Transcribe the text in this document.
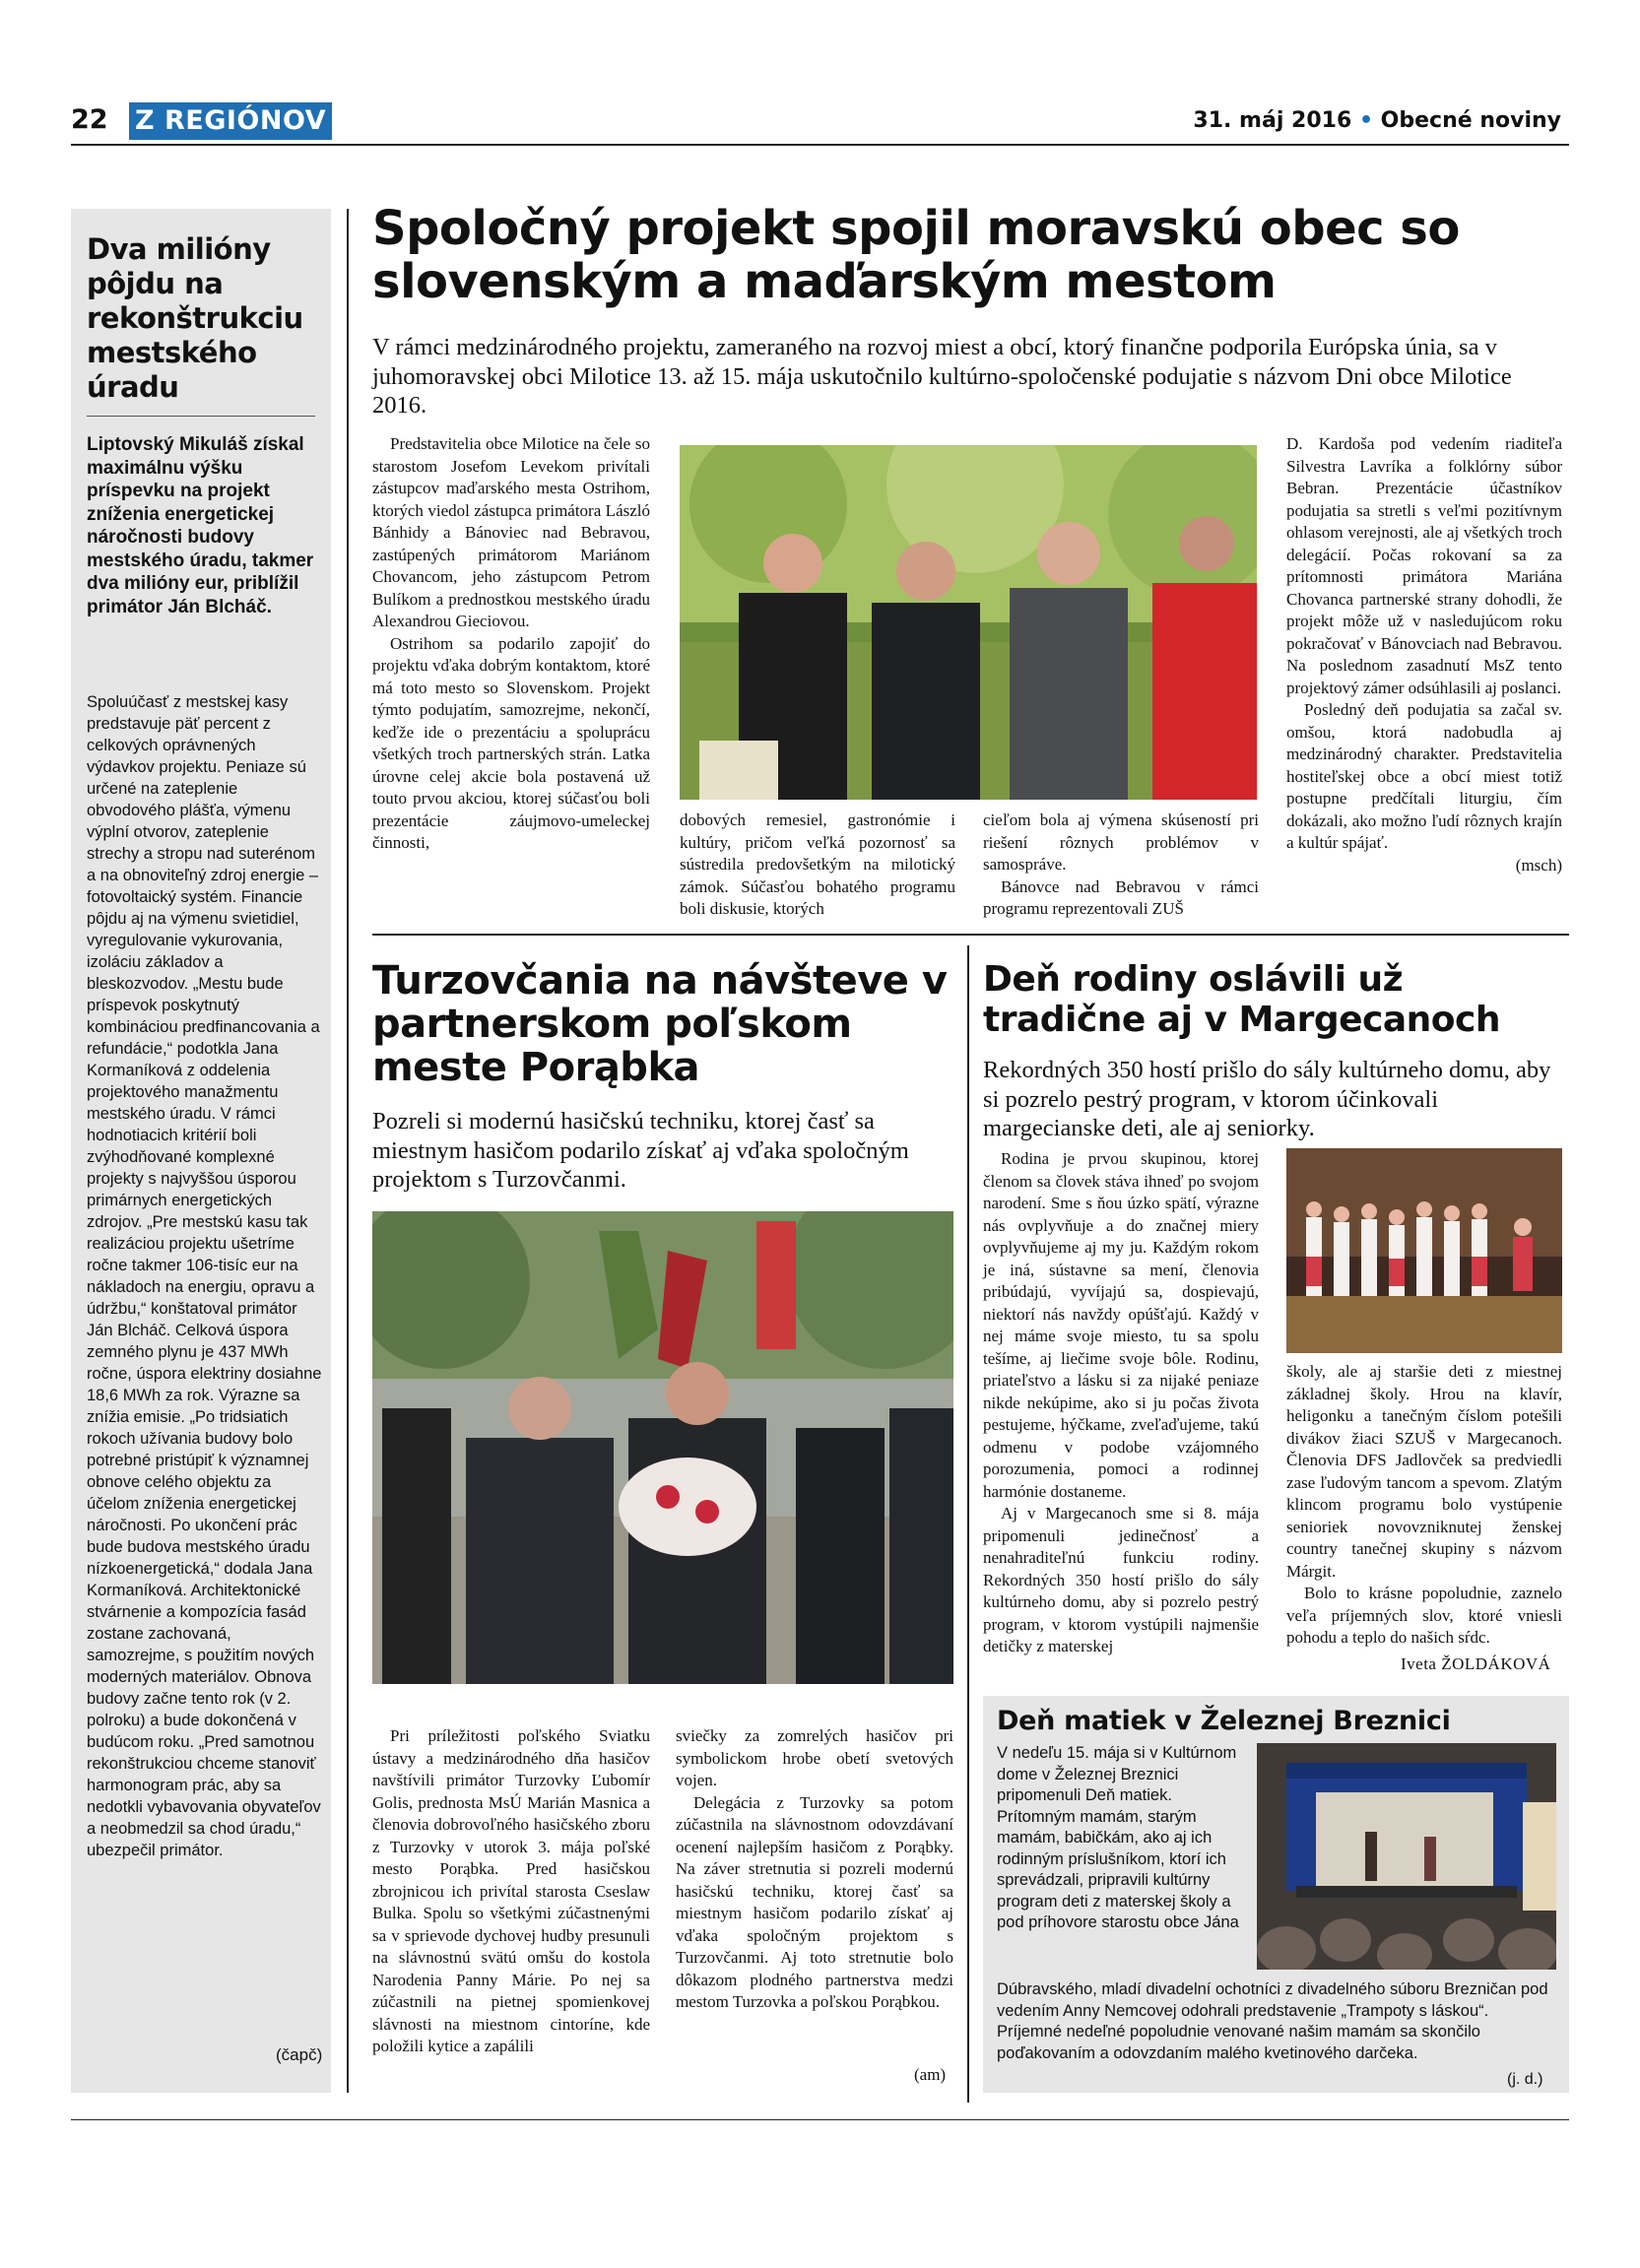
22 Z REGIÓNOV	31. máj 2016 • Obecné noviny
Dva milióny pôjdu na rekonštrukciu mestského úradu
Liptovský Mikuláš získal maximálnu výšku príspevku na projekt zníženia energetickej náročnosti budovy mestského úradu, takmer dva milióny eur, priblížil primátor Ján Blcháč.
Spoluúčasť z mestskej kasy predstavuje päť percent z celkových oprávnených výdavkov projektu. Peniaze sú určené na zateplenie obvodového plášťa, výmenu výplní otvorov, zateplenie strechy a stropu nad suterénom a na obnoviteľný zdroj energie – fotovoltaický systém. Financie pôjdu aj na výmenu svietidiel, vyregulovanie vykurovania, izoláciu základov a bleskozvodov. „Mestu bude príspevok poskytnutý kombináciou predfinancovania a refundácie,“ podotkla Jana Kormaníková z oddelenia projektového manažmentu mestského úradu. V rámci hodnotiacich kritérií boli zvýhodňované komplexné projekty s najvyššou úsporou primárnych energetických zdrojov. „Pre mestskú kasu tak realizáciou projektu ušetríme ročne takmer 106-tisíc eur na nákladoch na energiu, opravu a údržbu,“ konštatoval primátor Ján Blcháč. Celková úspora zemného plynu je 437 MWh ročne, úspora elektriny dosiahne 18,6 MWh za rok. Výrazne sa znížia emisie. „Po tridsiatich rokoch užívania budovy bolo potrebné pristúpiť k významnej obnove celého objektu za účelom zníženia energetickej náročnosti. Po ukončení prác bude budova mestského úradu nízkoenergetická,“ dodala Jana Kormaníková. Architektonické stvárnenie a kompozícia fasád zostane zachovaná, samozrejme, s použitím nových moderných materiálov. Obnova budovy začne tento rok (v 2. polroku) a bude dokončená v budúcom roku. „Pred samotnou rekonštrukciou chceme stanoviť harmonogram prác, aby sa nedotkli vybavovania obyvateľov a neobmedzil sa chod úradu,“ ubezpečil primátor.
(čapč)
Spoločný projekt spojil moravskú obec so slovenským a maďarským mestom
V rámci medzinárodného projektu, zameraného na rozvoj miest a obcí, ktorý finančne podporila Európska únia, sa v juhomoravskej obci Milotice 13. až 15. mája uskutočnilo kultúrno-spoločenské podujatie s názvom Dni obce Milotice 2016.

Predstavitelia obce Milotice na čele so starostom Josefom Levekom privítali zástupcov maďarského mesta Ostrihom, ktorých viedol zástupca primátora László Bánhidy a Bánoviec nad Bebravou, zastúpených primátorom Mariánom Chovancom, jeho zástupcom Petrom Bulíkom a prednostkou mestského úradu Alexandrou Gieciovou.

Ostrihom sa podarilo zapojiť do projektu vďaka dobrým kontaktom, ktoré má toto mesto so Slovenskom. Projekt týmto podujatím, samozrejme, nekončí, keďže ide o prezentáciu a spoluprácu všetkých troch partnerských strán. Latka úrovne celej akcie bola postavená už touto prvou akciou, ktorej súčasťou boli prezentácie záujmovo-umeleckej činnosti,

dobových remesiel, gastronómie i kultúry, pričom veľká pozornosť sa sústredila predovšetkým na milotický zámok. Súčasťou bohatého programu boli diskusie, ktorých

cieľom bola aj výmena skúseností pri riešení rôznych problémov v samospráve.

Bánovce nad Bebravou v rámci programu reprezentovali ZUŠ

D. Kardoša pod vedením riaditeľa Silvestra Lavríka a folklórny súbor Bebran. Prezentácie účastníkov podujatia sa stretli s veľmi pozitívnym ohlasom verejnosti, ale aj všetkých troch delegácií. Počas rokovaní sa za prítomnosti primátora Mariána Chovanca partnerské strany dohodli, že projekt môže už v nasledujúcom roku pokračovať v Bánovciach nad Bebravou. Na poslednom zasadnutí MsZ tento projektový zámer odsúhlasili aj poslanci.

Posledný deň podujatia sa začal sv. omšou, ktorá nadobudla aj medzinárodný charakter. Predstavitelia hostiteľskej obce a obcí miest totiž postupne predčítali liturgiu, čím dokázali, ako možno ľudí rôznych krajín a kultúr spájať.

(msch)
Turzovčania na návšteve v partnerskom poľskom meste Porąbka
Pozreli si modernú hasičskú techniku, ktorej časť sa miestnym hasičom podarilo získať aj vďaka spoločným projektom s Turzovčanmi.

Pri príležitosti poľského Sviatku ústavy a medzinárodného dňa hasičov navštívili primátor Turzovky Ľubomír Golis, prednosta MsÚ Marián Masnica a členovia dobrovoľného hasičského zboru z Turzovky v utorok 3. mája poľské mesto Porąbka. Pred hasičskou zbrojnicou ich privítal starosta Cseslaw Bulka. Spolu so všetkými zúčastnenými sa v sprievode dychovej hudby presunuli na slávnostnú svätú omšu do kostola Narodenia Panny Márie. Po nej sa zúčastnili na pietnej spomienkovej slávnosti na miestnom cintoríne, kde položili kytice a zapálili

sviečky za zomrelých hasičov pri symbolickom hrobe obetí svetových vojen.

Delegácia z Turzovky sa potom zúčastnila na slávnostnom odovzdávaní ocenení najlepším hasičom z Porąbky. Na záver stretnutia si pozreli modernú hasičskú techniku, ktorej časť sa miestnym hasičom podarilo získať aj vďaka spoločným projektom s Turzovčanmi. Aj toto stretnutie bolo dôkazom plodného partnerstva medzi mestom Turzovka a poľskou Porąbkou.

(am)
Deň rodiny oslávili už tradične aj v Margecanoch
Rekordných 350 hostí prišlo do sály kultúrneho domu, aby si pozrelo pestrý program, v ktorom účinkovali margecianske deti, ale aj seniorky.

Rodina je prvou skupinou, ktorej členom sa človek stáva ihneď po svojom narodení. Sme s ňou úzko spätí, výrazne nás ovplyvňuje a do značnej miery ovplyvňujeme aj my ju. Každým rokom je iná, sústavne sa mení, členovia pribúdajú, vyvíjajú sa, dospievajú, niektorí nás navždy opúšťajú. Každý v nej máme svoje miesto, tu sa spolu tešíme, aj liečime svoje bôle. Rodinu, priateľstvo a lásku si za nijaké peniaze nikde nekúpime, ako si ju počas života pestujeme, hýčkame, zveľaďujeme, takú odmenu v podobe vzájomného porozumenia, pomoci a rodinnej harmónie dostaneme.

Aj v Margecanoch sme si 8. mája pripomenuli jedinečnosť a nenahraditeľnú funkciu rodiny. Rekordných 350 hostí prišlo do sály kultúrneho domu, aby si pozrelo pestrý program, v ktorom vystúpili najmenšie detičky z materskej

školy, ale aj staršie deti z miestnej základnej školy. Hrou na klavír, heligonku a tanečným číslom potešili divákov žiaci SZUŠ v Margecanoch. Členovia DFS Jadlovček sa predviedli zase ľudovým tancom a spevom. Zlatým klincom programu bolo vystúpenie senioriek novovzniknutej ženskej country tanečnej skupiny s názvom Márgit.

Bolo to krásne popoludnie, zaznelo veľa príjemných slov, ktoré vniesli pohodu a teplo do našich sŕdc.

Iveta ŽOLDÁKOVÁ
Deň matiek v Železnej Breznici
V nedeľu 15. mája si v Kultúrnom dome v Železnej Breznici pripomenuli Deň matiek. Prítomným mamám, starým mamám, babičkám, ako aj ich rodinným príslušníkom, ktorí ich sprevádzali, pripravili kultúrny program deti z materskej školy a pod príhovore starostu obce Jána
Dúbravského, mladí divadelní ochotníci z divadelného súboru Brezničan pod vedením Anny Nemcovej odohrali predstavenie „Trampoty s láskou“. Príjemné nedeľné popoludnie venované našim mamám sa skončilo poďakovaním a odovzdaním malého kvetinového darčeka.
(j. d.)
